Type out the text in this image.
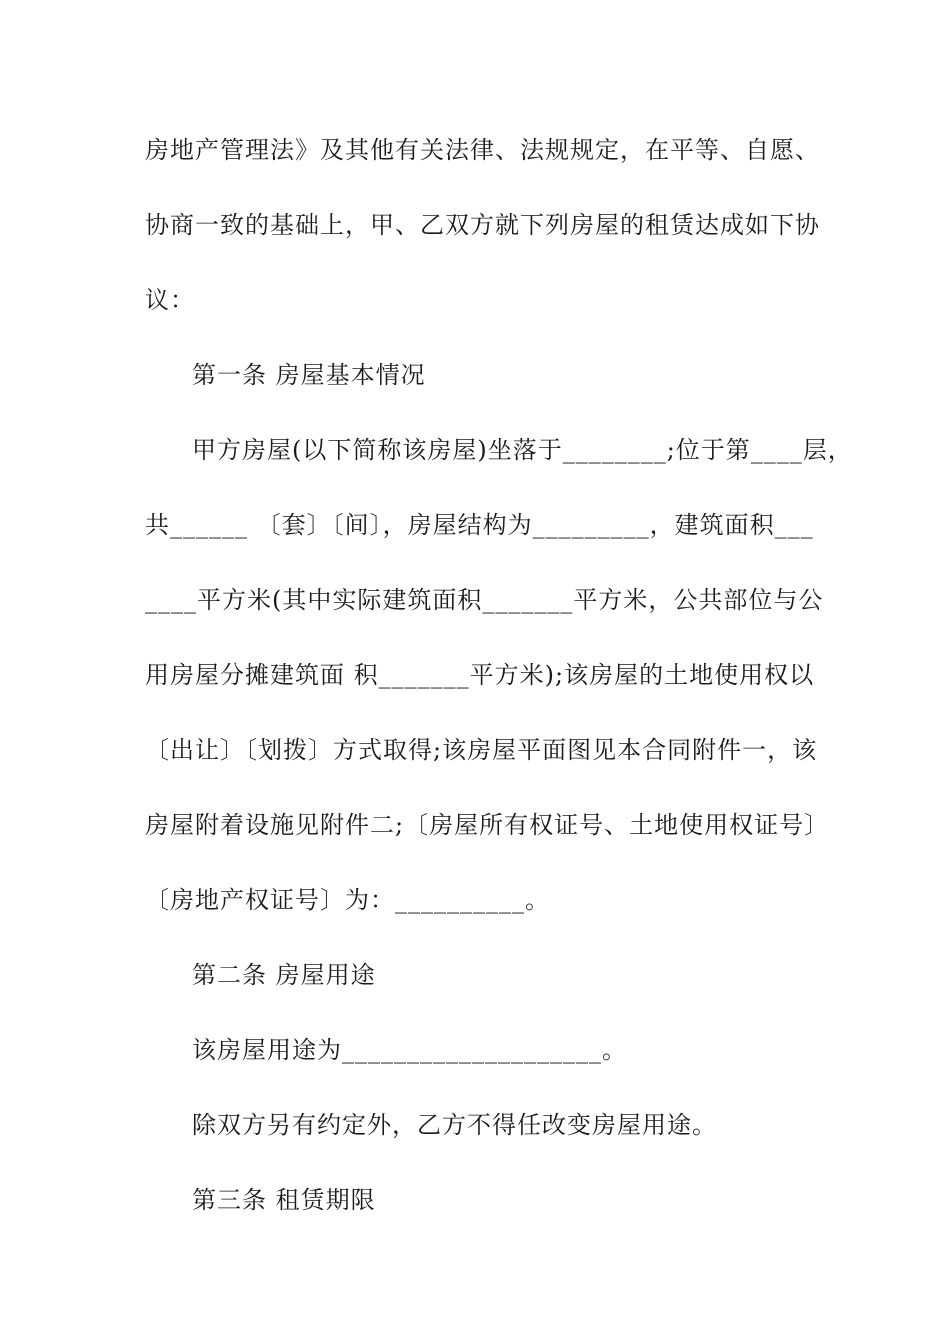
房地产管理法》及其他有关法律、法规规定，在平等、自愿、
协商一致的基础上，甲、乙双方就下列房屋的租赁达成如下协
议：
第一条 房屋基本情况
甲方房屋(以下简称该房屋)坐落于________;位于第____层，
共______ 〔套〕〔间〕，房屋结构为_________，建筑面积___
____平方米(其中实际建筑面积_______平方米，公共部位与公
用房屋分摊建筑面 积_______平方米);该房屋的土地使用权以
〔出让〕〔划拨〕方式取得;该房屋平面图见本合同附件一，该
房屋附着设施见附件二;〔房屋所有权证号、土地使用权证号〕
〔房地产权证号〕为：__________。
第二条 房屋用途
该房屋用途为____________________。
除双方另有约定外，乙方不得任改变房屋用途。
第三条 租赁期限
